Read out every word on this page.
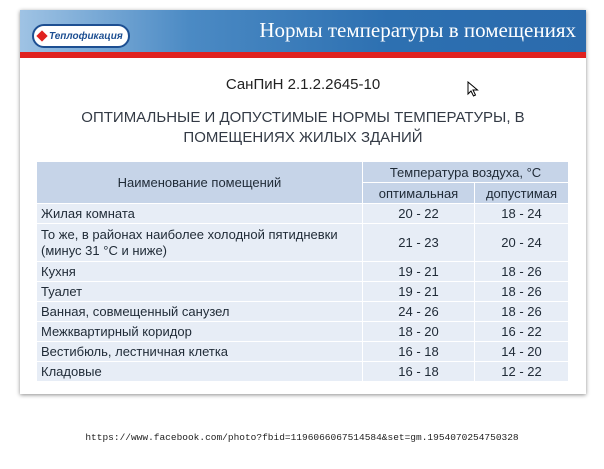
Теплофикация	Нормы температуры в помещениях
СанПиН 2.1.2.2645-10
ОПТИМАЛЬНЫЕ И ДОПУСТИМЫЕ НОРМЫ ТЕМПЕРАТУРЫ, В ПОМЕЩЕНИЯХ ЖИЛЫХ ЗДАНИЙ
Наименование помещений	Температура воздуха, °С	
	оптимальная	допустимая
Жилая комната	20 - 22	18 - 24
То же, в районах наиболее холодной пятидневки (минус 31 °С и ниже)	21 - 23	20 - 24
Кухня	19 - 21	18 - 26
Туалет	19 - 21	18 - 26
Ванная, совмещенный санузел	24 - 26	18 - 26
Межквартирный коридор	18 - 20	16 - 22
Вестибюль, лестничная клетка	16 - 18	14 - 20
Кладовые	16 - 18	12 - 22
https://www.facebook.com/photo?fbid=1196066067514584&set=gm.1954070254750328
